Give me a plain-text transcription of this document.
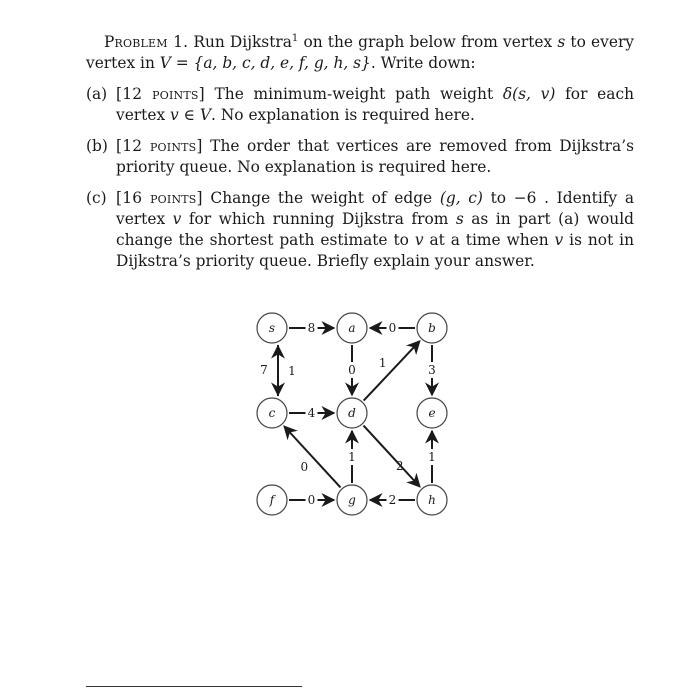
Problem 1. Run Dijkstra$^1$ on the graph below from vertex s to every vertex in V = {a, b, c, d, e, f, g, h, s}. Write down:

(a) [12 points] The minimum-weight path weight δ(s, v) for each vertex v ∈ V. No explanation is required here.

(b) [12 points] The order that vertices are removed from Dijkstra’s priority queue. No explanation is required here.

(c) [16 points] Change the weight of edge (g, c) to −6 . Identify a vertex v for which running Dijkstra from s as in part (a) would change the shortest path estimate to v at a time when v is not in Dijkstra’s priority queue. Briefly explain your answer.

8	0
7 1	0
1
3
4
0
1
2
1
0	2
s	a	b
c	d	e
f	g	h
